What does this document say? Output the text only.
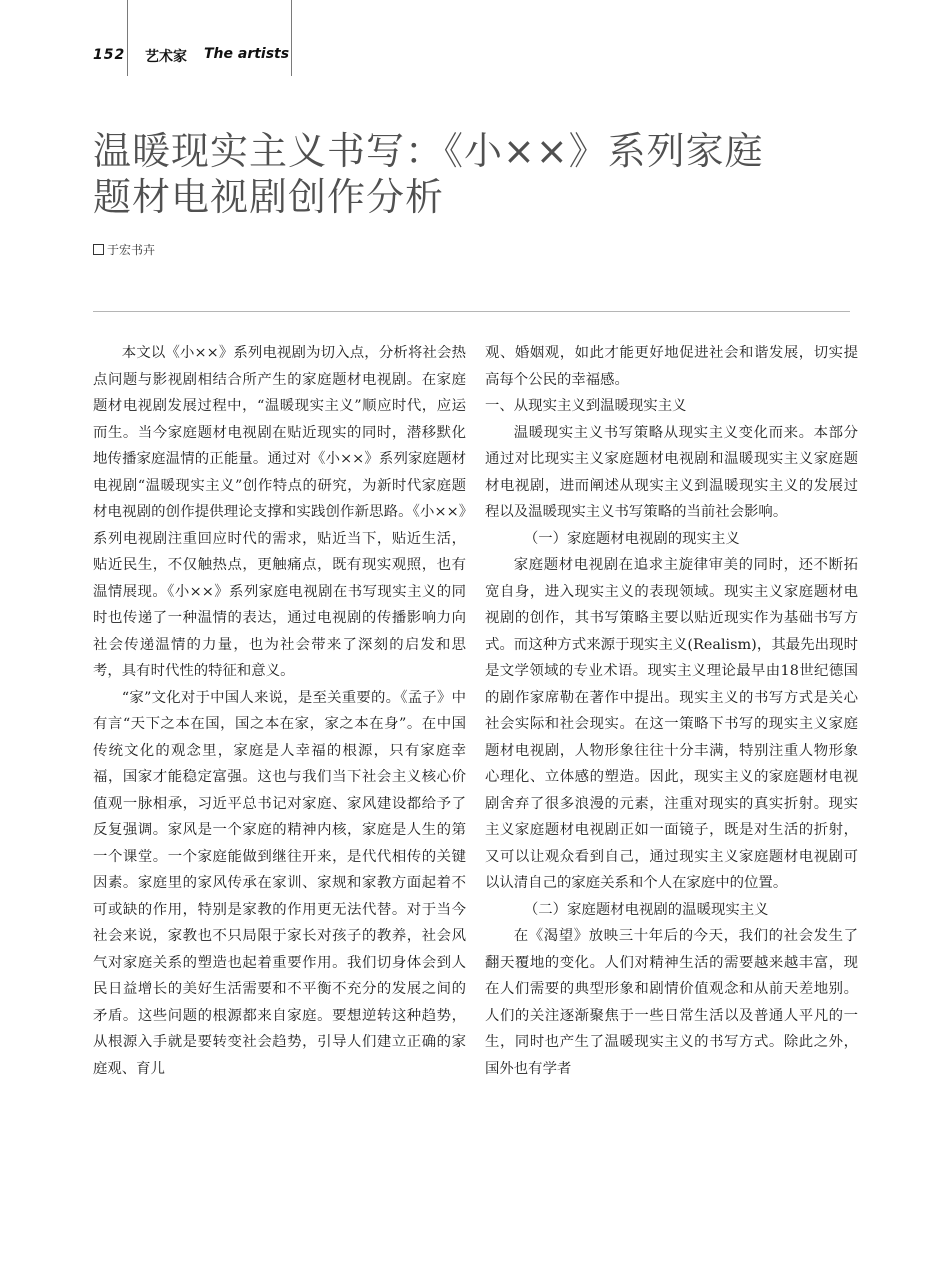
152 艺术家 The artists
温暖现实主义书写：《小××》系列家庭
题材电视剧创作分析
于宏书卉

本文以《小××》系列电视剧为切入点，分析将社会热点问题与影视剧相结合所产生的家庭题材电视剧。在家庭题材电视剧发展过程中，“温暖现实主义”顺应时代，应运而生。当今家庭题材电视剧在贴近现实的同时，潜移默化地传播家庭温情的正能量。通过对《小××》系列家庭题材电视剧“温暖现实主义”创作特点的研究，为新时代家庭题材电视剧的创作提供理论支撑和实践创作新思路。《小××》系列电视剧注重回应时代的需求，贴近当下，贴近生活，贴近民生，不仅触热点，更触痛点，既有现实观照，也有温情展现。《小××》系列家庭电视剧在书写现实主义的同时也传递了一种温情的表达，通过电视剧的传播影响力向社会传递温情的力量，也为社会带来了深刻的启发和思考，具有时代性的特征和意义。

“家”文化对于中国人来说，是至关重要的。《孟子》中有言“天下之本在国，国之本在家，家之本在身”。在中国传统文化的观念里，家庭是人幸福的根源，只有家庭幸福，国家才能稳定富强。这也与我们当下社会主义核心价值观一脉相承，习近平总书记对家庭、家风建设都给予了反复强调。家风是一个家庭的精神内核，家庭是人生的第一个课堂。一个家庭能做到继往开来，是代代相传的关键因素。家庭里的家风传承在家训、家规和家教方面起着不可或缺的作用，特别是家教的作用更无法代替。对于当今社会来说，家教也不只局限于家长对孩子的教养，社会风气对家庭关系的塑造也起着重要作用。我们切身体会到人民日益增长的美好生活需要和不平衡不充分的发展之间的矛盾。这些问题的根源都来自家庭。要想逆转这种趋势，从根源入手就是要转变社会趋势，引导人们建立正确的家庭观、育儿

观、婚姻观，如此才能更好地促进社会和谐发展，切实提高每个公民的幸福感。

一、从现实主义到温暖现实主义

温暖现实主义书写策略从现实主义变化而来。本部分通过对比现实主义家庭题材电视剧和温暖现实主义家庭题材电视剧，进而阐述从现实主义到温暖现实主义的发展过程以及温暖现实主义书写策略的当前社会影响。

（一）家庭题材电视剧的现实主义

家庭题材电视剧在追求主旋律审美的同时，还不断拓宽自身，进入现实主义的表现领域。现实主义家庭题材电视剧的创作，其书写策略主要以贴近现实作为基础书写方式。而这种方式来源于现实主义(Realism)，其最先出现时是文学领域的专业术语。现实主义理论最早由18世纪德国的剧作家席勒在著作中提出。现实主义的书写方式是关心社会实际和社会现实。在这一策略下书写的现实主义家庭题材电视剧，人物形象往往十分丰满，特别注重人物形象心理化、立体感的塑造。因此，现实主义的家庭题材电视剧舍弃了很多浪漫的元素，注重对现实的真实折射。现实主义家庭题材电视剧正如一面镜子，既是对生活的折射，又可以让观众看到自己，通过现实主义家庭题材电视剧可以认清自己的家庭关系和个人在家庭中的位置。

（二）家庭题材电视剧的温暖现实主义

在《渴望》放映三十年后的今天，我们的社会发生了翻天覆地的变化。人们对精神生活的需要越来越丰富，现在人们需要的典型形象和剧情价值观念和从前天差地别。人们的关注逐渐聚焦于一些日常生活以及普通人平凡的一生，同时也产生了温暖现实主义的书写方式。除此之外，国外也有学者
